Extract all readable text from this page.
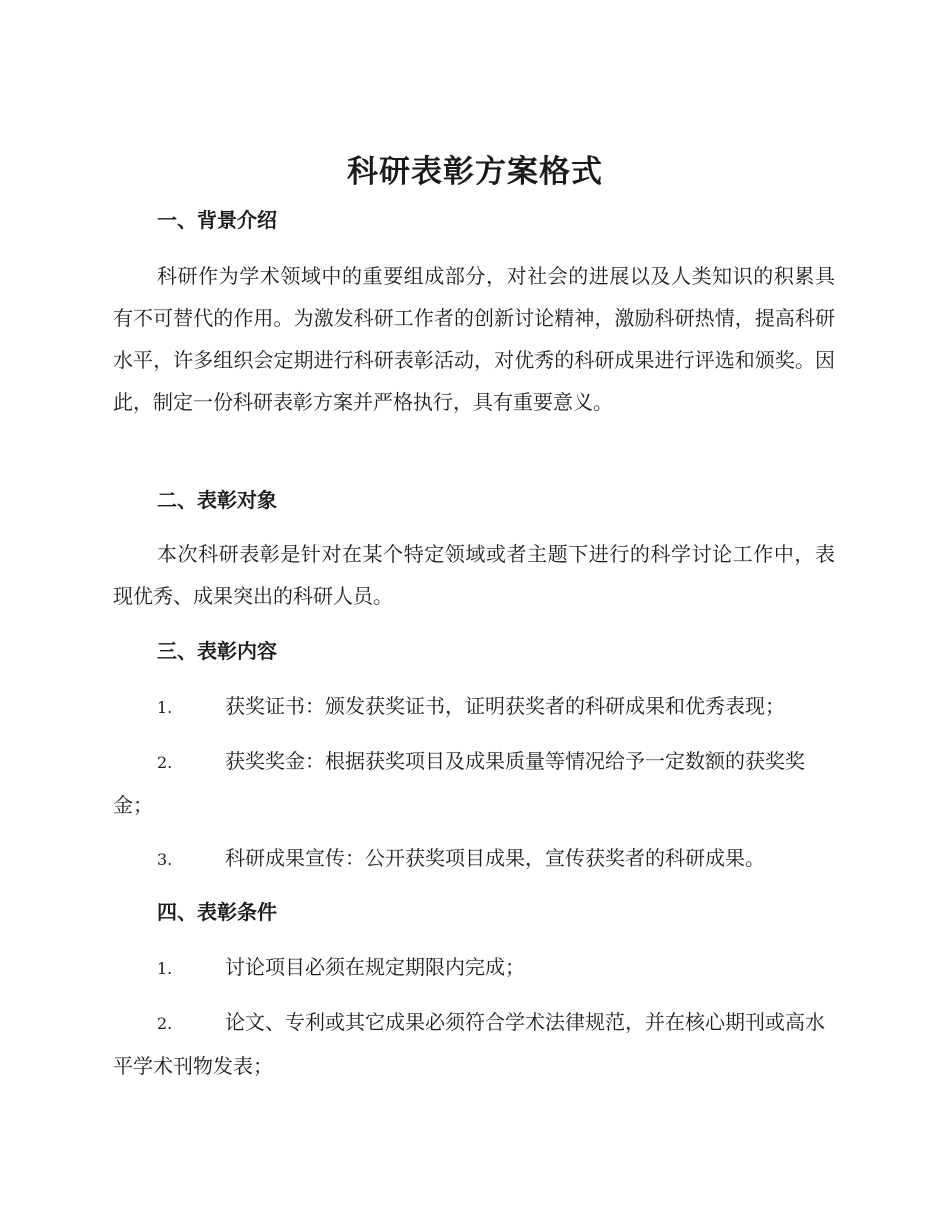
科研表彰方案格式
一、背景介绍
科研作为学术领域中的重要组成部分，对社会的进展以及人类知识的积累具有不可替代的作用。为激发科研工作者的创新讨论精神，激励科研热情，提高科研水平，许多组织会定期进行科研表彰活动，对优秀的科研成果进行评选和颁奖。因此，制定一份科研表彰方案并严格执行，具有重要意义。
二、表彰对象
本次科研表彰是针对在某个特定领域或者主题下进行的科学讨论工作中，表现优秀、成果突出的科研人员。
三、表彰内容
1.	获奖证书：颁发获奖证书，证明获奖者的科研成果和优秀表现；
2.	获奖奖金：根据获奖项目及成果质量等情况给予一定数额的获奖奖金；
3.	科研成果宣传：公开获奖项目成果，宣传获奖者的科研成果。
四、表彰条件
1.	讨论项目必须在规定期限内完成；
2.	论文、专利或其它成果必须符合学术法律规范，并在核心期刊或高水平学术刊物发表；
